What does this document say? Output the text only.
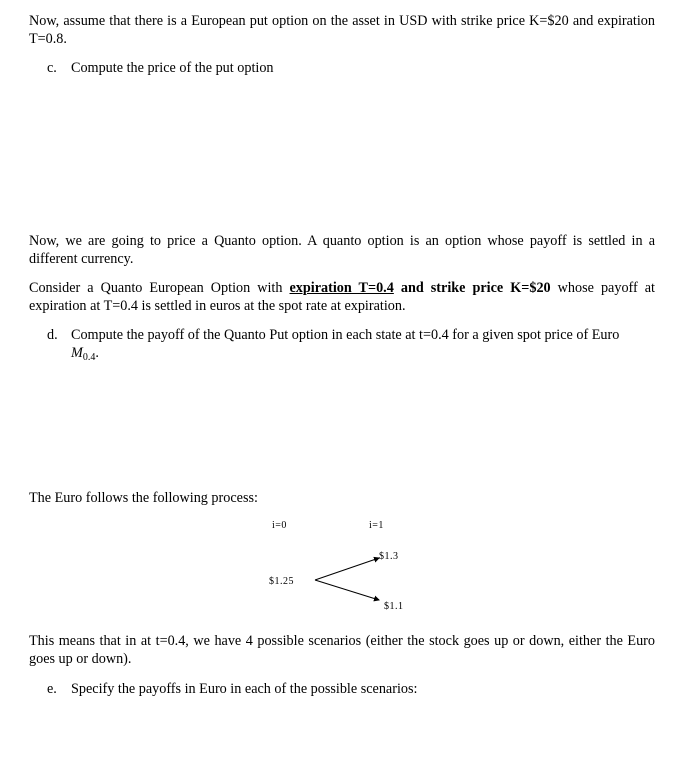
Now, assume that there is a European put option on the asset in USD with strike price K=$20 and expiration T=0.8.
c. Compute the price of the put option
Now, we are going to price a Quanto option. A quanto option is an option whose payoff is settled in a different currency.
Consider a Quanto European Option with expiration T=0.4 and strike price K=$20 whose payoff at expiration at T=0.4 is settled in euros at the spot rate at expiration.
d. Compute the payoff of the Quanto Put option in each state at t=0.4 for a given spot price of Euro
$M_{0.4}$.
The Euro follows the following process:
i=0	i=1
$1.3
$1.25
$1.1
This means that in at t=0.4, we have 4 possible scenarios (either the stock goes up or down, either the Euro goes up or down).
e. Specify the payoffs in Euro in each of the possible scenarios:
